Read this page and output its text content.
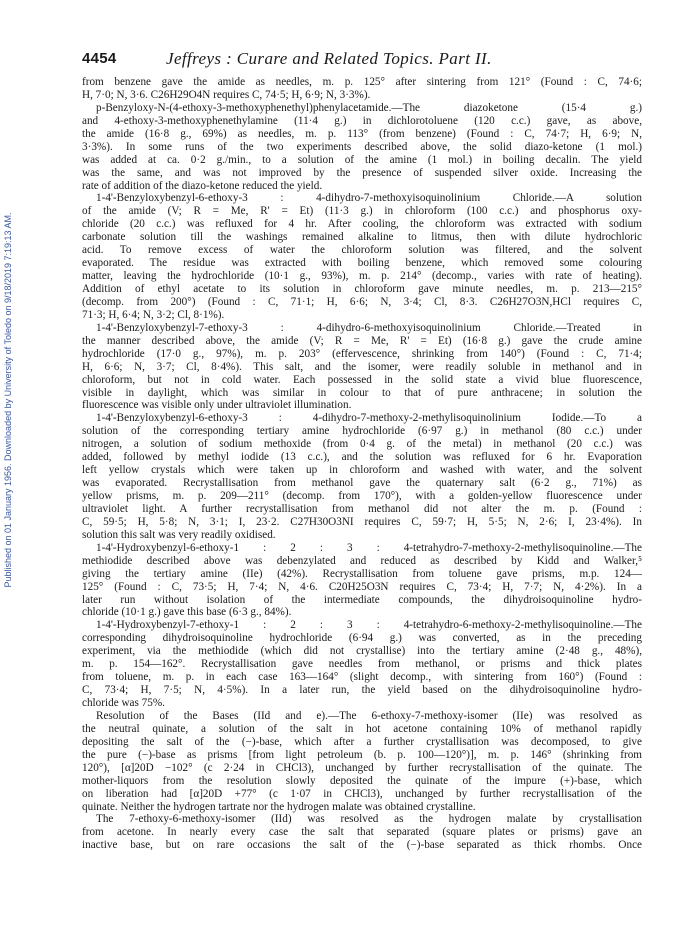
4454	Jeffreys : Curare and Related Topics. Part II.
Published on 01 January 1956. Downloaded by University of Toledo on 9/18/2019 7:19:13 AM.
from benzene gave the amide as needles, m. p. 125° after sintering from 121° (Found : C, 74·6;
H, 7·0; N, 3·6. C26H29O4N requires C, 74·5; H, 6·9; N, 3·3%).
p-Benzyloxy-N-(4-ethoxy-3-methoxyphenethyl)phenylacetamide.—The diazoketone (15·4 g.)
and 4-ethoxy-3-methoxyphenethylamine (11·4 g.) in dichlorotoluene (120 c.c.) gave, as above,
the amide (16·8 g., 69%) as needles, m. p. 113° (from benzene) (Found : C, 74·7; H, 6·9; N,
3·3%). In some runs of the two experiments described above, the solid diazo-ketone (1 mol.)
was added at ca. 0·2 g./min., to a solution of the amine (1 mol.) in boiling decalin. The yield
was the same, and was not improved by the presence of suspended silver oxide. Increasing the
rate of addition of the diazo-ketone reduced the yield.
1-4'-Benzyloxybenzyl-6-ethoxy-3 : 4-dihydro-7-methoxyisoquinolinium Chloride.—A solution
of the amide (V; R = Me, R' = Et) (11·3 g.) in chloroform (100 c.c.) and phosphorus oxy-
chloride (20 c.c.) was refluxed for 4 hr. After cooling, the chloroform was extracted with sodium
carbonate solution till the washings remained alkaline to litmus, then with dilute hydrochloric
acid. To remove excess of water the chloroform solution was filtered, and the solvent
evaporated. The residue was extracted with boiling benzene, which removed some colouring
matter, leaving the hydrochloride (10·1 g., 93%), m. p. 214° (decomp., varies with rate of heating).
Addition of ethyl acetate to its solution in chloroform gave minute needles, m. p. 213—215°
(decomp. from 200°) (Found : C, 71·1; H, 6·6; N, 3·4; Cl, 8·3. C26H27O3N,HCl requires C,
71·3; H, 6·4; N, 3·2; Cl, 8·1%).
1-4'-Benzyloxybenzyl-7-ethoxy-3 : 4-dihydro-6-methoxyisoquinolinium Chloride.—Treated in
the manner described above, the amide (V; R = Me, R' = Et) (16·8 g.) gave the crude amine
hydrochloride (17·0 g., 97%), m. p. 203° (effervescence, shrinking from 140°) (Found : C, 71·4;
H, 6·6; N, 3·7; Cl, 8·4%). This salt, and the isomer, were readily soluble in methanol and in
chloroform, but not in cold water. Each possessed in the solid state a vivid blue fluorescence,
visible in daylight, which was similar in colour to that of pure anthracene; in solution the
fluorescence was visible only under ultraviolet illumination.
1-4'-Benzyloxybenzyl-6-ethoxy-3 : 4-dihydro-7-methoxy-2-methylisoquinolinium Iodide.—To a
solution of the corresponding tertiary amine hydrochloride (6·97 g.) in methanol (80 c.c.) under
nitrogen, a solution of sodium methoxide (from 0·4 g. of the metal) in methanol (20 c.c.) was
added, followed by methyl iodide (13 c.c.), and the solution was refluxed for 6 hr. Evaporation
left yellow crystals which were taken up in chloroform and washed with water, and the solvent
was evaporated. Recrystallisation from methanol gave the quaternary salt (6·2 g., 71%) as
yellow prisms, m. p. 209—211° (decomp. from 170°), with a golden-yellow fluorescence under
ultraviolet light. A further recrystallisation from methanol did not alter the m. p. (Found :
C, 59·5; H, 5·8; N, 3·1; I, 23·2. C27H30O3NI requires C, 59·7; H, 5·5; N, 2·6; I, 23·4%). In
solution this salt was very readily oxidised.
1-4'-Hydroxybenzyl-6-ethoxy-1 : 2 : 3 : 4-tetrahydro-7-methoxy-2-methylisoquinoline.—The
methiodide described above was debenzylated and reduced as described by Kidd and Walker,⁵
giving the tertiary amine (IIe) (42%). Recrystallisation from toluene gave prisms, m.p. 124—
125° (Found : C, 73·5; H, 7·4; N, 4·6. C20H25O3N requires C, 73·4; H, 7·7; N, 4·2%). In a
later run without isolation of the intermediate compounds, the dihydroisoquinoline hydro-
chloride (10·1 g.) gave this base (6·3 g., 84%).
1-4'-Hydroxybenzyl-7-ethoxy-1 : 2 : 3 : 4-tetrahydro-6-methoxy-2-methylisoquinoline.—The
corresponding dihydroisoquinoline hydrochloride (6·94 g.) was converted, as in the preceding
experiment, via the methiodide (which did not crystallise) into the tertiary amine (2·48 g., 48%),
m. p. 154—162°. Recrystallisation gave needles from methanol, or prisms and thick plates
from toluene, m. p. in each case 163—164° (slight decomp., with sintering from 160°) (Found :
C, 73·4; H, 7·5; N, 4·5%). In a later run, the yield based on the dihydroisoquinoline hydro-
chloride was 75%.
Resolution of the Bases (IId and e).—The 6-ethoxy-7-methoxy-isomer (IIe) was resolved as
the neutral quinate, a solution of the salt in hot acetone containing 10% of methanol rapidly
depositing the salt of the (−)-base, which after a further crystallisation was decomposed, to give
the pure (−)-base as prisms [from light petroleum (b. p. 100—120°)], m. p. 146° (shrinking from
120°), [α]20D −102° (c 2·24 in CHCl3), unchanged by further recrystallisation of the quinate. The
mother-liquors from the resolution slowly deposited the quinate of the impure (+)-base, which
on liberation had [α]20D +77° (c 1·07 in CHCl3), unchanged by further recrystallisation of the
quinate. Neither the hydrogen tartrate nor the hydrogen malate was obtained crystalline.
The 7-ethoxy-6-methoxy-isomer (IId) was resolved as the hydrogen malate by crystallisation
from acetone. In nearly every case the salt that separated (square plates or prisms) gave an
inactive base, but on rare occasions the salt of the (−)-base separated as thick rhombs. Once
